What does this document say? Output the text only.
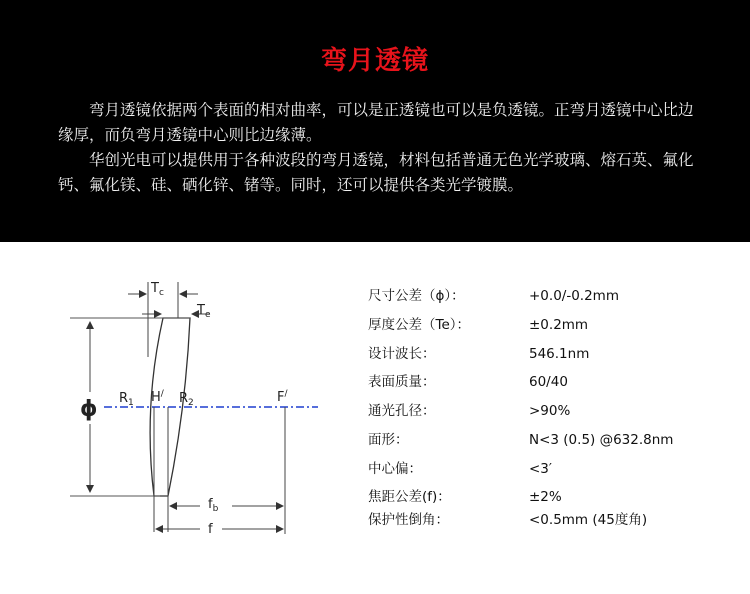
弯月透镜

弯月透镜依据两个表面的相对曲率，可以是正透镜也可以是负透镜。正弯月透镜中心比边缘厚，而负弯月透镜中心则比边缘薄。

华创光电可以提供用于各种波段的弯月透镜，材料包括普通无色光学玻璃、熔石英、氟化钙、氟化镁、硅、硒化锌、锗等。同时，还可以提供各类光学镀膜。

ϕ
$T_c$
$T_e$
$R_1$ H/ $R_2$	F/
$f_b$
f
尺寸公差（ϕ）：	+0.0/-0.2mm
厚度公差（Te）：	±0.2mm
设计波长：	546.1nm
表面质量：	60/40
通光孔径：	>90%
面形：	N<3 (0.5) @632.8nm
中心偏：	<3′
焦距公差(f)：	±2%
保护性倒角：	<0.5mm (45度角)
